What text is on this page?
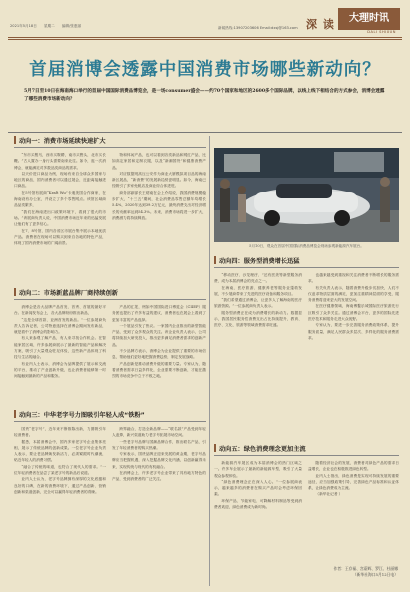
2021年5月18日 星期二 编辑/张惠丽	深 读	大理时讯
DALI SHIXUN
新闻热线:13907203606 Email:dxsj@163.com
首届消博会透露中国消费市场哪些新动向？
5月7日至10日在海南海口举行的首届中国国际消费品博览会，是一场consumer盛会——约70个国家和地区的2600多个国际品牌，以线上线下相结合的方式参会，消博会透露了哪些消费市场新动向？
动向一：消费市场延续快速扩大

“东市买骏马，西市买鞍鞯，南市买辔头，北市买长鞭。”古人置办一身行头需要南来北往。如今，逛一次消博会，就能满足对多数品类商品的需求。

以天价进口商品为例，现场有来自全球众多国家与地区的商品，国内消费者可以通过展会，近距离接触进口商品。

在5号馆有展商“Kraft Wu”卡迪美国合作商家，在海南设有办公室，并设立了多个零售网点。该馆区域商品品类繁多，

“我们在海南进出口政策环境下，看到了很大的市场。”该展商负责人说，中国消费市场近年来的迅猛发展让他们有了更多信心。

在7、8号馆，国内各省区市展台集中展示本地优质产品。消费者在现场可以购买到来自各地的特色产品，体现了国内消费市场的广阔前景。

物和休闲产品，也可以看到各类新品和网红产品，比如高定家居和定制衣服，以及“新潮国货”和健康消费产品。

对应数据则高压公安作为商业大厦模拟项目品的海南新区展品，“新消费”的发展新趋势更明显。如今，海南已经吸引了多家免税店及商业综合体进驻。

商务部副部长王炳南在会上介绍说，我国消费规模稳步扩大，“十三五”期间，社会消费品零售总额年均增长5.4%，2020年达到39.2万亿元，最终消费支出对经济增长的贡献率达到54.3%。未来，消费市场将进一步扩大，消费潜力将持续释放。

5月10日，观众在首届中国国际消费品博览会现场参观新能源汽车展台。
动向二：市场新蓝品牌厂商持续创新

消博会是各大品牌产品首发、首秀、首展的最好平台。在新闻发布会上，各大品牌纷纷推出新品，

“这是全球首款、亚洲首发的新品。”一位参展商负责人告诉记者，公司特意选择在消博会期间发布新品，就是看中了消博会的影响力。

有人来参观了解产品，有人来寻找合作机会。在智能家居区域，许多参展商展示了最新的智能产品和解决方案，吸引了大量观众驻足体验，这些新产品体现了科技与生活的融合。

有业内人士表示，消博会为品牌提供了展示和交流的平台，推动了产业创新升级，也让消费者能够第一时间接触到最新的产品和服务。

产品的汇报，例如中国国际进口博览会（CIIEP）服务团也提出了许多有益的建议，消费者也在展会上看到了更加丰富的产品选择。

一个展品引发了热议。一家国内企业推出的新型智能产品，受到了众多观众的关注。该企业负责人表示，公司将持续加大研发投入，推出更多满足消费者需求的创新产品。

不少品牌方表示，消博会为企业提供了重要的市场信息，帮助他们更好地把握消费趋势，制定发展战略。

产品创新是推动消费升级的重要力量。专家认为，随着消费者需求日益多样化，企业需要不断创新，才能在激烈的市场竞争中立于不败之地。

动向三：中华老字号力图吸引年轻人成“铁粉”

国货“老字号”，近年来不断推陈出新，力图吸引年轻消费者。

据悉，本届消博会中，国内多家老字号企业集体亮相，展示了传统品牌的创新成果。一位老字号企业负责人表示，要让老品牌焕发新活力，必须紧跟时代潮流，贴近年轻人的消费习惯。

“融合了传统的味道，也符合了现代人的需求。”一位年轻消费者在品尝了某老字号的新品后说道。

业内人士认为，老字号品牌拥有深厚的文化底蕴和良好的口碑，在新的消费环境下，通过产品创新、营销创新和渠道创新，完全可以赢得年轻消费者的青睐。

跨界融合，打造全新品牌——“联名款”产品受到年轻人追捧，新兴渠道助力老字号拓展市场空间。

一些老字号品牌与国潮品牌合作，推出联名产品，引发了年轻消费者的购买热潮。

专家表示，国货品牌正迎来发展的黄金期，老字号品牌应当把握机遇，深入挖掘品牌文化内涵，以创新赢得未来，实现传统与现代的有机融合。

在消博会上，许多老字号企业带来了具有地方特色的产品，受到消费者的广泛关注。

动向四：服务型消费增长迅猛

“移动医疗、沙龙理疗、”还有医美等新型服务消费，成为本届消博会的亮点之一。

在海南，医疗旅游、健康养老等服务业蓬勃发展，不少展商带来了先进的医疗设备和服务项目。

“我们希望通过消博会，让更多人了解海南的医疗旅游资源。”一位参展商负责人表示。

服务型消费正在成为消费增长的新动力。数据显示，我国居民服务性消费支出占比持续提升，教育、医疗、文化、旅游等领域消费需求旺盛。

也越来越受到重视和关注消费者不断增长的服务需求。

有关负责人表示，随着消费升级步伐加快，人们不仅追求物质层面的满足，更加注重精神层面的享受，服务消费将迎来更大的发展空间。

在医疗健康领域，海南博鳌乐城国际医疗旅游先行区吸引了众多关注。通过消博会平台，更多的国际先进医疗技术和服务走进大众视野。

专家认为，要进一步完善服务消费政策体系，提升服务质量，满足人民群众多层次、多样化的服务消费需求。

动向五：绿色消费理念更加主流

新能源汽车展区成为本届消博会的热门区域之一。许多车企展示了最新的新能源车型，吸引了大量观众参观体验。

“绿色消费理念正在深入人心。”一位参展商表示，越来越多的消费者在购买产品时会考虑环保因素。

环保产品、节能家电、可降解材料制品等受到消费者欢迎，绿色消费成为新时尚。

随着经济社会的发展，消费者对绿色产品的需求日益增长，企业也在积极推进绿色转型。

业内人士指出，绿色消费是实现可持续发展的重要途径，应当加强政策引导，完善绿色产品标准和认证体系，让绿色消费成为主流。

（新华社记者 ）

作者：王存福、宫蔚辉、罗江、杜丽娜
（新华社海口5月12日电）
